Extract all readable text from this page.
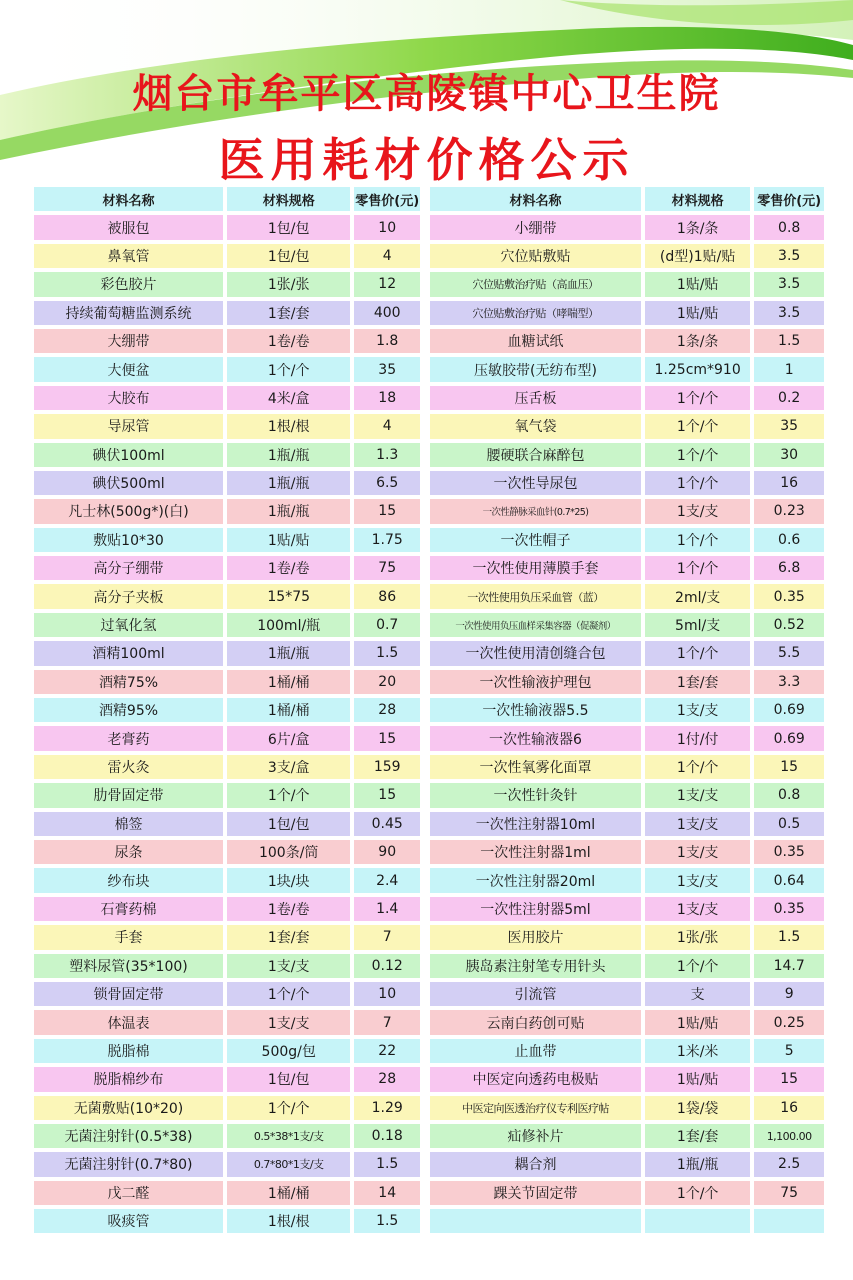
烟台市牟平区高陵镇中心卫生院
医用耗材价格公示
材料名称	材料规格	零售价(元)	材料名称	材料规格	零售价(元)
被服包	1包/包	10	小绷带	1条/条	0.8
鼻氧管	1包/包	4	穴位贴敷贴	(d型)1贴/贴	3.5
彩色胶片	1张/张	12	穴位贴敷治疗贴（高血压）	1贴/贴	3.5
持续葡萄糖监测系统	1套/套	400	穴位贴敷治疗贴（哮喘型）	1贴/贴	3.5
大绷带	1卷/卷	1.8	血糖试纸	1条/条	1.5
大便盆	1个/个	35	压敏胶带(无纺布型)	1.25cm*910	1
大胶布	4米/盒	18	压舌板	1个/个	0.2
导尿管	1根/根	4	氧气袋	1个/个	35
碘伏100ml	1瓶/瓶	1.3	腰硬联合麻醉包	1个/个	30
碘伏500ml	1瓶/瓶	6.5	一次性导尿包	1个/个	16
凡士林(500g*)(白)	1瓶/瓶	15	一次性静脉采血针(0.7*25)	1支/支	0.23
敷贴10*30	1贴/贴	1.75	一次性帽子	1个/个	0.6
高分子绷带	1卷/卷	75	一次性使用薄膜手套	1个/个	6.8
高分子夹板	15*75	86	一次性使用负压采血管（蓝）	2ml/支	0.35
过氧化氢	100ml/瓶	0.7	一次性使用负压血样采集容器（促凝剂）	5ml/支	0.52
酒精100ml	1瓶/瓶	1.5	一次性使用清创缝合包	1个/个	5.5
酒精75%	1桶/桶	20	一次性输液护理包	1套/套	3.3
酒精95%	1桶/桶	28	一次性输液器5.5	1支/支	0.69
老膏药	6片/盒	15	一次性输液器6	1付/付	0.69
雷火灸	3支/盒	159	一次性氧雾化面罩	1个/个	15
肋骨固定带	1个/个	15	一次性针灸针	1支/支	0.8
棉签	1包/包	0.45	一次性注射器10ml	1支/支	0.5
尿条	100条/筒	90	一次性注射器1ml	1支/支	0.35
纱布块	1块/块	2.4	一次性注射器20ml	1支/支	0.64
石膏药棉	1卷/卷	1.4	一次性注射器5ml	1支/支	0.35
手套	1套/套	7	医用胶片	1张/张	1.5
塑料尿管(35*100)	1支/支	0.12	胰岛素注射笔专用针头	1个/个	14.7
锁骨固定带	1个/个	10	引流管	支	9
体温表	1支/支	7	云南白药创可贴	1贴/贴	0.25
脱脂棉	500g/包	22	止血带	1米/米	5
脱脂棉纱布	1包/包	28	中医定向透药电极贴	1贴/贴	15
无菌敷贴(10*20)	1个/个	1.29	中医定向医透治疗仪专利医疗帖	1袋/袋	16
无菌注射针(0.5*38)	0.5*38*1支/支	0.18	疝修补片	1套/套	1,100.00
无菌注射针(0.7*80)	0.7*80*1支/支	1.5	耦合剂	1瓶/瓶	2.5
戊二醛	1桶/桶	14	踝关节固定带	1个/个	75
吸痰管	1根/根	1.5
